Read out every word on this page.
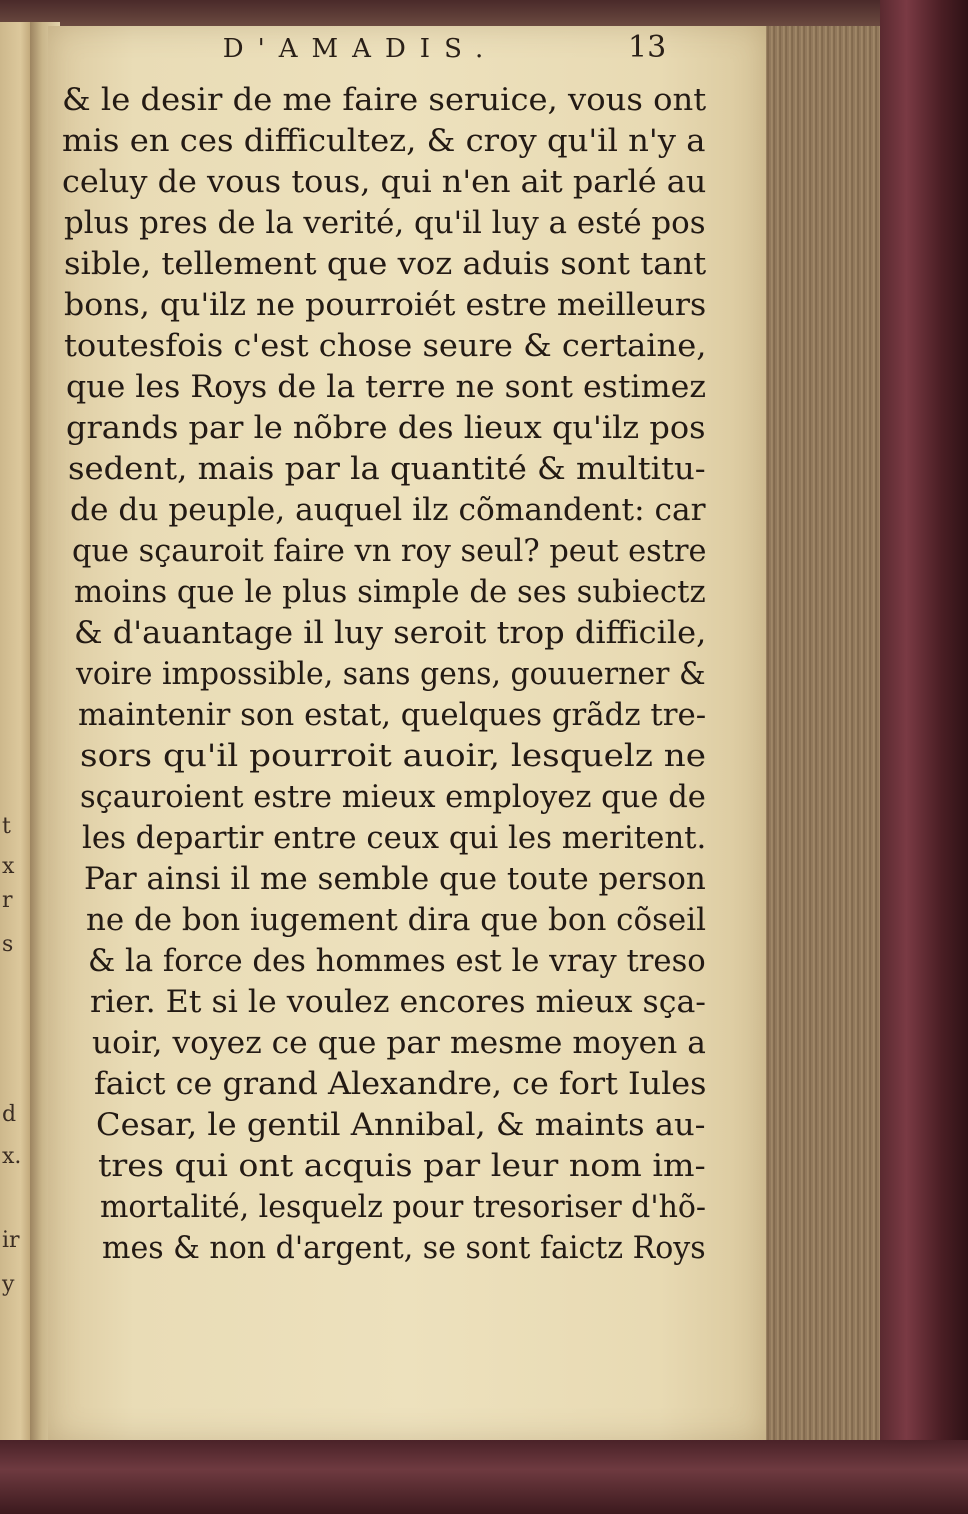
t
x
r
s
d
x.
ir
y
D'AMADIS.	13
& le desir de me faire seruice, vous ont
mis en ces difficultez, & croy qu'il n'y a
celuy de vous tous, qui n'en ait parlé au
plus pres de la verité, qu'il luy a esté pos
sible, tellement que voz aduis sont tant
bons, qu'ilz ne pourroiét estre meilleurs
toutesfois c'est chose seure & certaine,
que les Roys de la terre ne sont estimez
grands par le nõbre des lieux qu'ilz pos
sedent, mais par la quantité & multitu-
de du peuple, auquel ilz cõmandent: car
que sçauroit faire vn roy seul? peut estre
moins que le plus simple de ses subiectz
& d'auantage il luy seroit trop difficile,
voire impossible, sans gens, gouuerner &
maintenir son estat, quelques grãdz tre-
sors qu'il pourroit auoir, lesquelz ne
sçauroient estre mieux employez que de
les departir entre ceux qui les meritent.
Par ainsi il me semble que toute person
ne de bon iugement dira que bon cõseil
& la force des hommes est le vray treso
rier. Et si le voulez encores mieux sça-
uoir, voyez ce que par mesme moyen a
faict ce grand Alexandre, ce fort Iules
Cesar, le gentil Annibal, & maints au-
tres qui ont acquis par leur nom im-
mortalité, lesquelz pour tresoriser d'hõ-
mes & non d'argent, se sont faictz Roys
